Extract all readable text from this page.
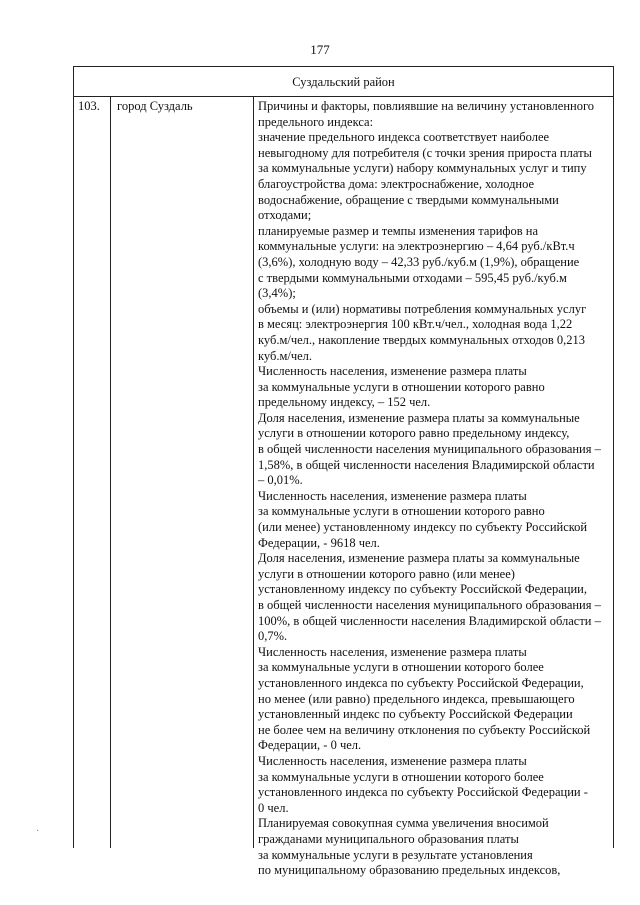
177
Суздальский район
103.	город Суздаль	Причины и факторы, повлиявшие на величину установленного
предельного индекса:
значение предельного индекса соответствует наиболее
невыгодному для потребителя (с точки зрения прироста платы
за коммунальные услуги) набору коммунальных услуг и типу
благоустройства дома: электроснабжение, холодное
водоснабжение, обращение с твердыми коммунальными
отходами;
планируемые размер и темпы изменения тарифов на
коммунальные услуги: на электроэнергию – 4,64 руб./кВт.ч
(3,6%), холодную воду – 42,33 руб./куб.м (1,9%), обращение
с твердыми коммунальными отходами – 595,45 руб./куб.м
(3,4%);
объемы и (или) нормативы потребления коммунальных услуг
в месяц: электроэнергия 100 кВт.ч/чел., холодная вода 1,22
куб.м/чел., накопление твердых коммунальных отходов 0,213
куб.м/чел.
Численность населения, изменение размера платы
за коммунальные услуги в отношении которого равно
предельному индексу, – 152 чел.
Доля населения, изменение размера платы за коммунальные
услуги в отношении которого равно предельному индексу,
в общей численности населения муниципального образования –
1,58%, в общей численности населения Владимирской области
– 0,01%.
Численность населения, изменение размера платы
за коммунальные услуги в отношении которого равно
(или менее) установленному индексу по субъекту Российской
Федерации, - 9618 чел.
Доля населения, изменение размера платы за коммунальные
услуги в отношении которого равно (или менее)
установленному индексу по субъекту Российской Федерации,
в общей численности населения муниципального образования –
100%, в общей численности населения Владимирской области –
0,7%.
Численность населения, изменение размера платы
за коммунальные услуги в отношении которого более
установленного индекса по субъекту Российской Федерации,
но менее (или равно) предельного индекса, превышающего
установленный индекс по субъекту Российской Федерации
не более чем на величину отклонения по субъекту Российской
Федерации, - 0 чел.
Численность населения, изменение размера платы
за коммунальные услуги в отношении которого более
установленного индекса по субъекту Российской Федерации -
0 чел.
Планируемая совокупная сумма увеличения вносимой
гражданами муниципального образования платы
за коммунальные услуги в результате установления
по муниципальному образованию предельных индексов,
·
